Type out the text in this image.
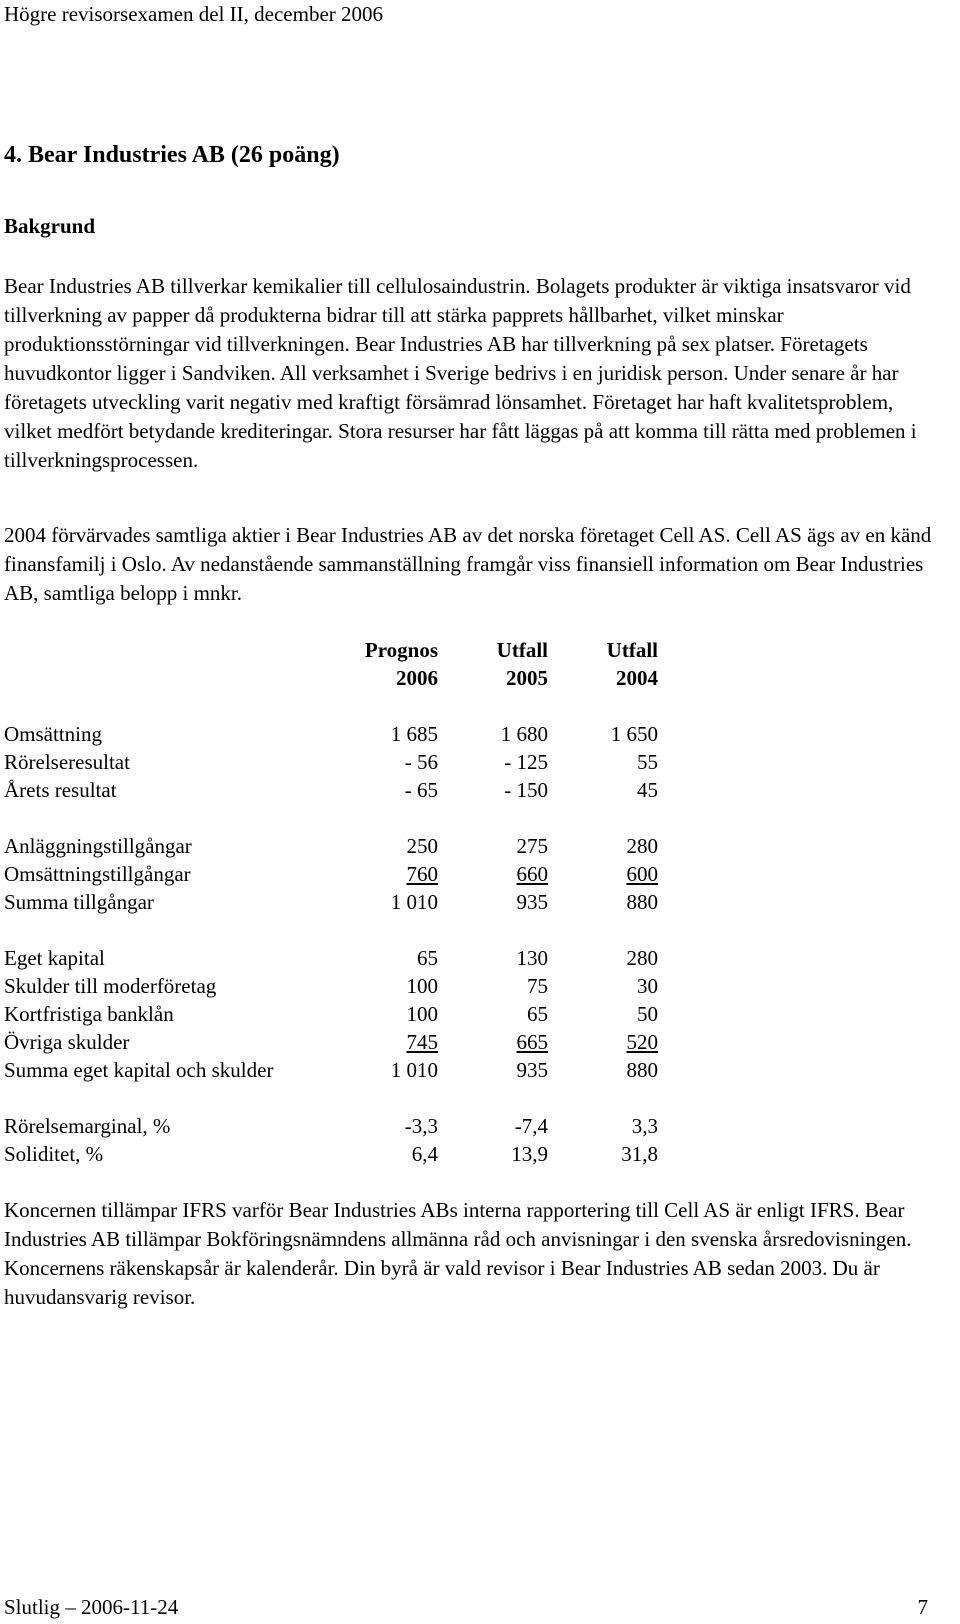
Högre revisorsexamen del II, december 2006
4. Bear Industries AB (26 poäng)
Bakgrund

Bear Industries AB tillverkar kemikalier till cellulosaindustrin. Bolagets produkter är viktiga insatsvaror vid tillverkning av papper då produkterna bidrar till att stärka papprets hållbarhet, vilket minskar produktionsstörningar vid tillverkningen. Bear Industries AB har tillverkning på sex platser. Företagets huvudkontor ligger i Sandviken. All verksamhet i Sverige bedrivs i en juridisk person. Under senare år har företagets utveckling varit negativ med kraftigt försämrad lönsamhet. Företaget har haft kvalitetsproblem, vilket medfört betydande krediteringar. Stora resurser har fått läggas på att komma till rätta med problemen i tillverkningsprocessen.

2004 förvärvades samtliga aktier i Bear Industries AB av det norska företaget Cell AS. Cell AS ägs av en känd finansfamilj i Oslo. Av nedanstående sammanställning framgår viss finansiell information om Bear Industries AB, samtliga belopp i mnkr.

	Prognos	Utfall	Utfall
	2006	2005	2004

Omsättning	1 685	1 680	1 650
Rörelseresultat	- 56	- 125	55
Årets resultat	- 65	- 150	45

Anläggningstillgångar	250	275	280
Omsättningstillgångar	760	660	600
Summa tillgångar	1 010	935	880

Eget kapital	65	130	280
Skulder till moderföretag	100	75	30
Kortfristiga banklån	100	65	50
Övriga skulder	745	665	520
Summa eget kapital och skulder	1 010	935	880

Rörelsemarginal, %	-3,3	-7,4	3,3
Soliditet, %	6,4	13,9	31,8

Koncernen tillämpar IFRS varför Bear Industries ABs interna rapportering till Cell AS är enligt IFRS. Bear Industries AB tillämpar Bokföringsnämndens allmänna råd och anvisningar i den svenska årsredovisningen. Koncernens räkenskapsår är kalenderår. Din byrå är vald revisor i Bear Industries AB sedan 2003. Du är huvudansvarig revisor.

Slutlig – 2006-11-24	7
